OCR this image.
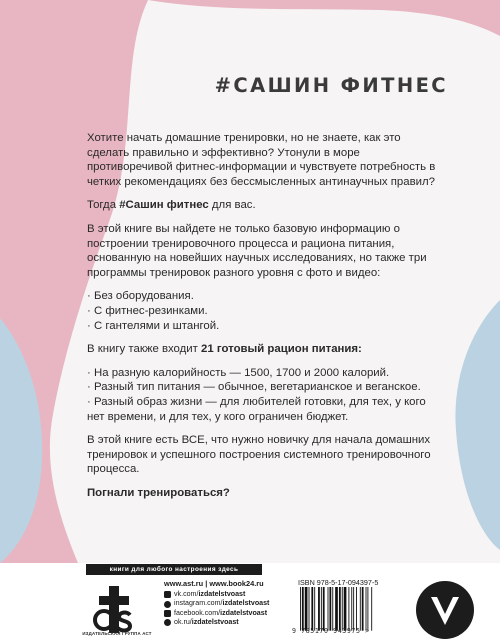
#САШИН ФИТНЕС

Хотите начать домашние тренировки, но не знаете, как это сделать правильно и эффективно? Утонули в море противоречивой фитнес-информации и чувствуете потребность в четких рекомендациях без бессмысленных антинаучных правил?

Тогда #Сашин фитнес для вас.

В этой книге вы найдете не только базовую информацию о построении тренировочного процесса и рациона питания, основанную на новейших научных исследованиях, но также три программы тренировок разного уровня с фото и видео:

· Без оборудования.
· С фитнес-резинками.
· С гантелями и штангой.

В книгу также входит 21 готовый рацион питания:

· На разную калорийность — 1500, 1700 и 2000 калорий.
· Разный тип питания — обычное, вегетарианское и веганское.
· Разный образ жизни — для любителей готовки, для тех, у кого нет времени, и для тех, у кого ограничен бюджет.

В этой книге есть ВСЕ, что нужно новичку для начала домашних тренировок и успешного построения системного тренировочного процесса.

Погнали тренироваться?

книги для любого настроения здесь
ИЗДАТЕЛЬСКАЯ ГРУППА АСТ
www.ast.ru | www.book24.ru
vk.com/ izdatelstvoast
instagram.com/ izdatelstvoast
facebook.com/ izdatelstvoast
ok.ru/ izdatelstvoast
ISBN 978-5-17-094397-5
9 785170 943975 >
